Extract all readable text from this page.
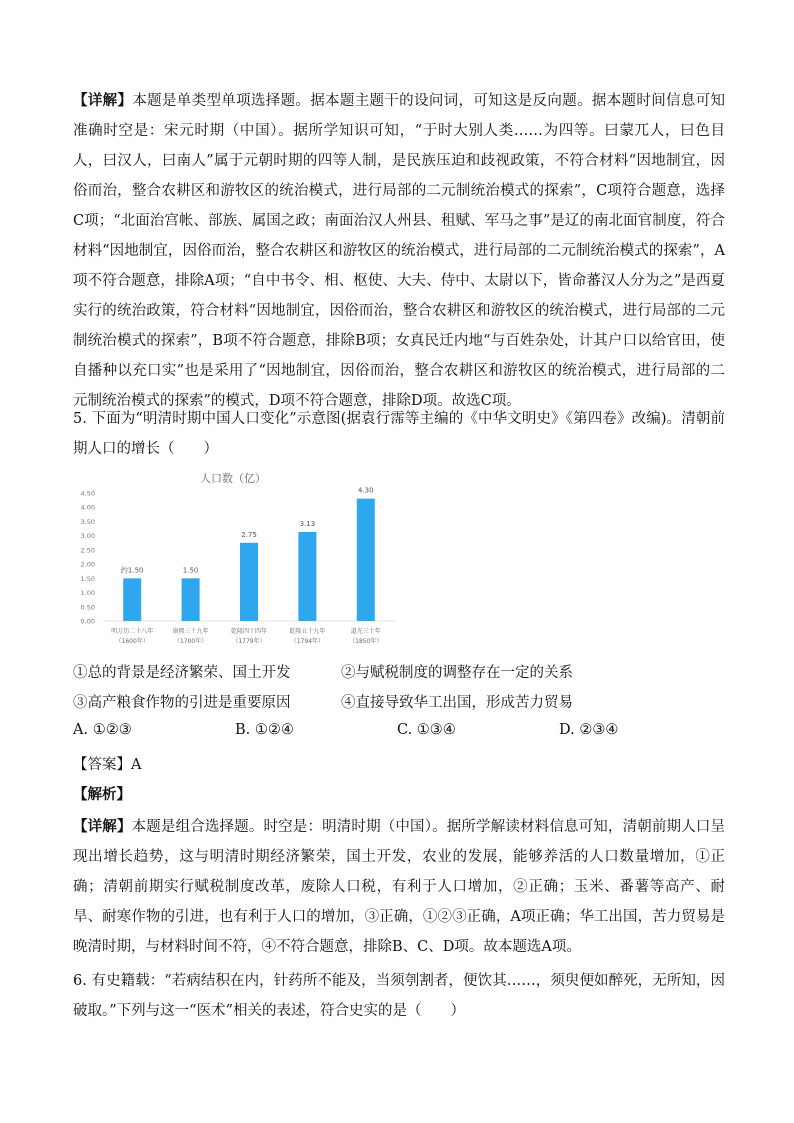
【详解】本题是单类型单项选择题。据本题主题干的设问词，可知这是反向题。据本题时间信息可知准确时空是：宋元时期（中国）。据所学知识可知，“于时大别人类……为四等。曰蒙兀人，曰色目人，曰汉人，曰南人”属于元朝时期的四等人制，是民族压迫和歧视政策，不符合材料“因地制宜，因俗而治，整合农耕区和游牧区的统治模式，进行局部的二元制统治模式的探索”，C项符合题意，选择C项；“北面治宫帐、部族、属国之政；南面治汉人州县、租赋、军马之事”是辽的南北面官制度，符合材料“因地制宜，因俗而治，整合农耕区和游牧区的统治模式，进行局部的二元制统治模式的探索”，A项不符合题意，排除A项；“自中书令、相、枢使、大夫、侍中、太尉以下，皆命蕃汉人分为之”是西夏实行的统治政策，符合材料“因地制宜，因俗而治，整合农耕区和游牧区的统治模式，进行局部的二元制统治模式的探索”，B项不符合题意，排除B项；女真民迁内地“与百姓杂处，计其户口以给官田，使自播种以充口实”也是采用了“因地制宜，因俗而治，整合农耕区和游牧区的统治模式，进行局部的二元制统治模式的探索”的模式，D项不符合题意，排除D项。故选C项。

5. 下面为“明清时期中国人口变化”示意图(据袁行霈等主编的《中华文明史》《第四卷》改编)。清朝前期人口的增长（　　）

人口数（亿）
4.50
4.00
3.50
3.00
2.50
2.00
1.50
1.00
0.50
0.00
约1.50	1.50
2.75
3.13
4.30
明万历二十八年
（1600年）
康熙三十九年
（1700年）
乾隆四十四年
（1779年）
乾隆五十九年
（1794年）
道光三十年
（1850年）
①总的背景是经济繁荣、国土开发	②与赋税制度的调整存在一定的关系
③高产粮食作物的引进是重要原因	④直接导致华工出国，形成苦力贸易
A. ①②③	B. ①②④	C. ①③④	D. ②③④
【答案】A
【解析】

【详解】本题是组合选择题。时空是：明清时期（中国）。据所学解读材料信息可知，清朝前期人口呈现出增长趋势，这与明清时期经济繁荣，国土开发，农业的发展，能够养活的人口数量增加，①正确；清朝前期实行赋税制度改革，废除人口税，有利于人口增加，②正确；玉米、番薯等高产、耐旱、耐寒作物的引进，也有利于人口的增加，③正确，①②③正确，A项正确；华工出国，苦力贸易是晚清时期，与材料时间不符，④不符合题意，排除B、C、D项。故本题选A项。

6. 有史籍载：“若病结积在内，针药所不能及，当须刳割者，便饮其……，须臾便如醉死，无所知，因破取。”下列与这一“医术”相关的表述，符合史实的是（　　）
